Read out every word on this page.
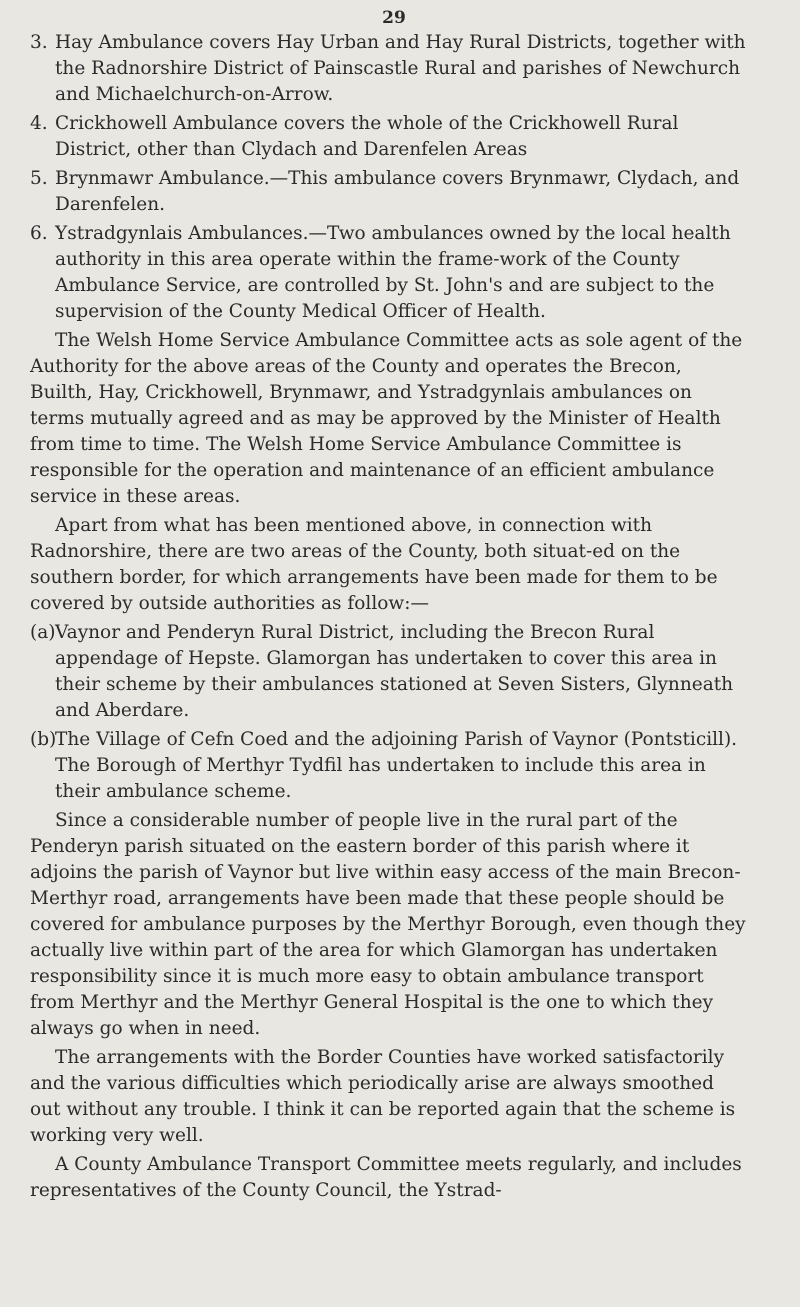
29
3. Hay Ambulance covers Hay Urban and Hay Rural Districts, together with the Radnorshire District of Painscastle Rural and parishes of Newchurch and Michaelchurch-on-Arrow.
4. Crickhowell Ambulance covers the whole of the Crickhowell Rural District, other than Clydach and Darenfelen Areas
5. Brynmawr Ambulance.—This ambulance covers Brynmawr, Clydach, and Darenfelen.
6. Ystradgynlais Ambulances.—Two ambulances owned by the local health authority in this area operate within the frame-work of the County Ambulance Service, are controlled by St. John's and are subject to the supervision of the County Medical Officer of Health.

The Welsh Home Service Ambulance Committee acts as sole agent of the Authority for the above areas of the County and operates the Brecon, Builth, Hay, Crickhowell, Brynmawr, and Ystradgynlais ambulances on terms mutually agreed and as may be approved by the Minister of Health from time to time. The Welsh Home Service Ambulance Committee is responsible for the operation and maintenance of an efficient ambulance service in these areas.

Apart from what has been mentioned above, in connection with Radnorshire, there are two areas of the County, both situat-ed on the southern border, for which arrangements have been made for them to be covered by outside authorities as follow:—

(a) Vaynor and Penderyn Rural District, including the Brecon Rural appendage of Hepste. Glamorgan has undertaken to cover this area in their scheme by their ambulances stationed at Seven Sisters, Glynneath and Aberdare.
(b)
The Village of Cefn Coed and the adjoining Parish of Vaynor (Pontsticill). The Borough of Merthyr Tydfil has undertaken to include this area in their ambulance scheme.

Since a considerable number of people live in the rural part of the Penderyn parish situated on the eastern border of this parish where it adjoins the parish of Vaynor but live within easy access of the main Brecon-Merthyr road, arrangements have been made that these people should be covered for ambulance purposes by the Merthyr Borough, even though they actually live within part of the area for which Glamorgan has undertaken responsibility since it is much more easy to obtain ambulance transport from Merthyr and the Merthyr General Hospital is the one to which they always go when in need.

The arrangements with the Border Counties have worked satisfactorily and the various difficulties which periodically arise are always smoothed out without any trouble. I think it can be reported again that the scheme is working very well.

A County Ambulance Transport Committee meets regularly, and includes representatives of the County Council, the Ystrad-
